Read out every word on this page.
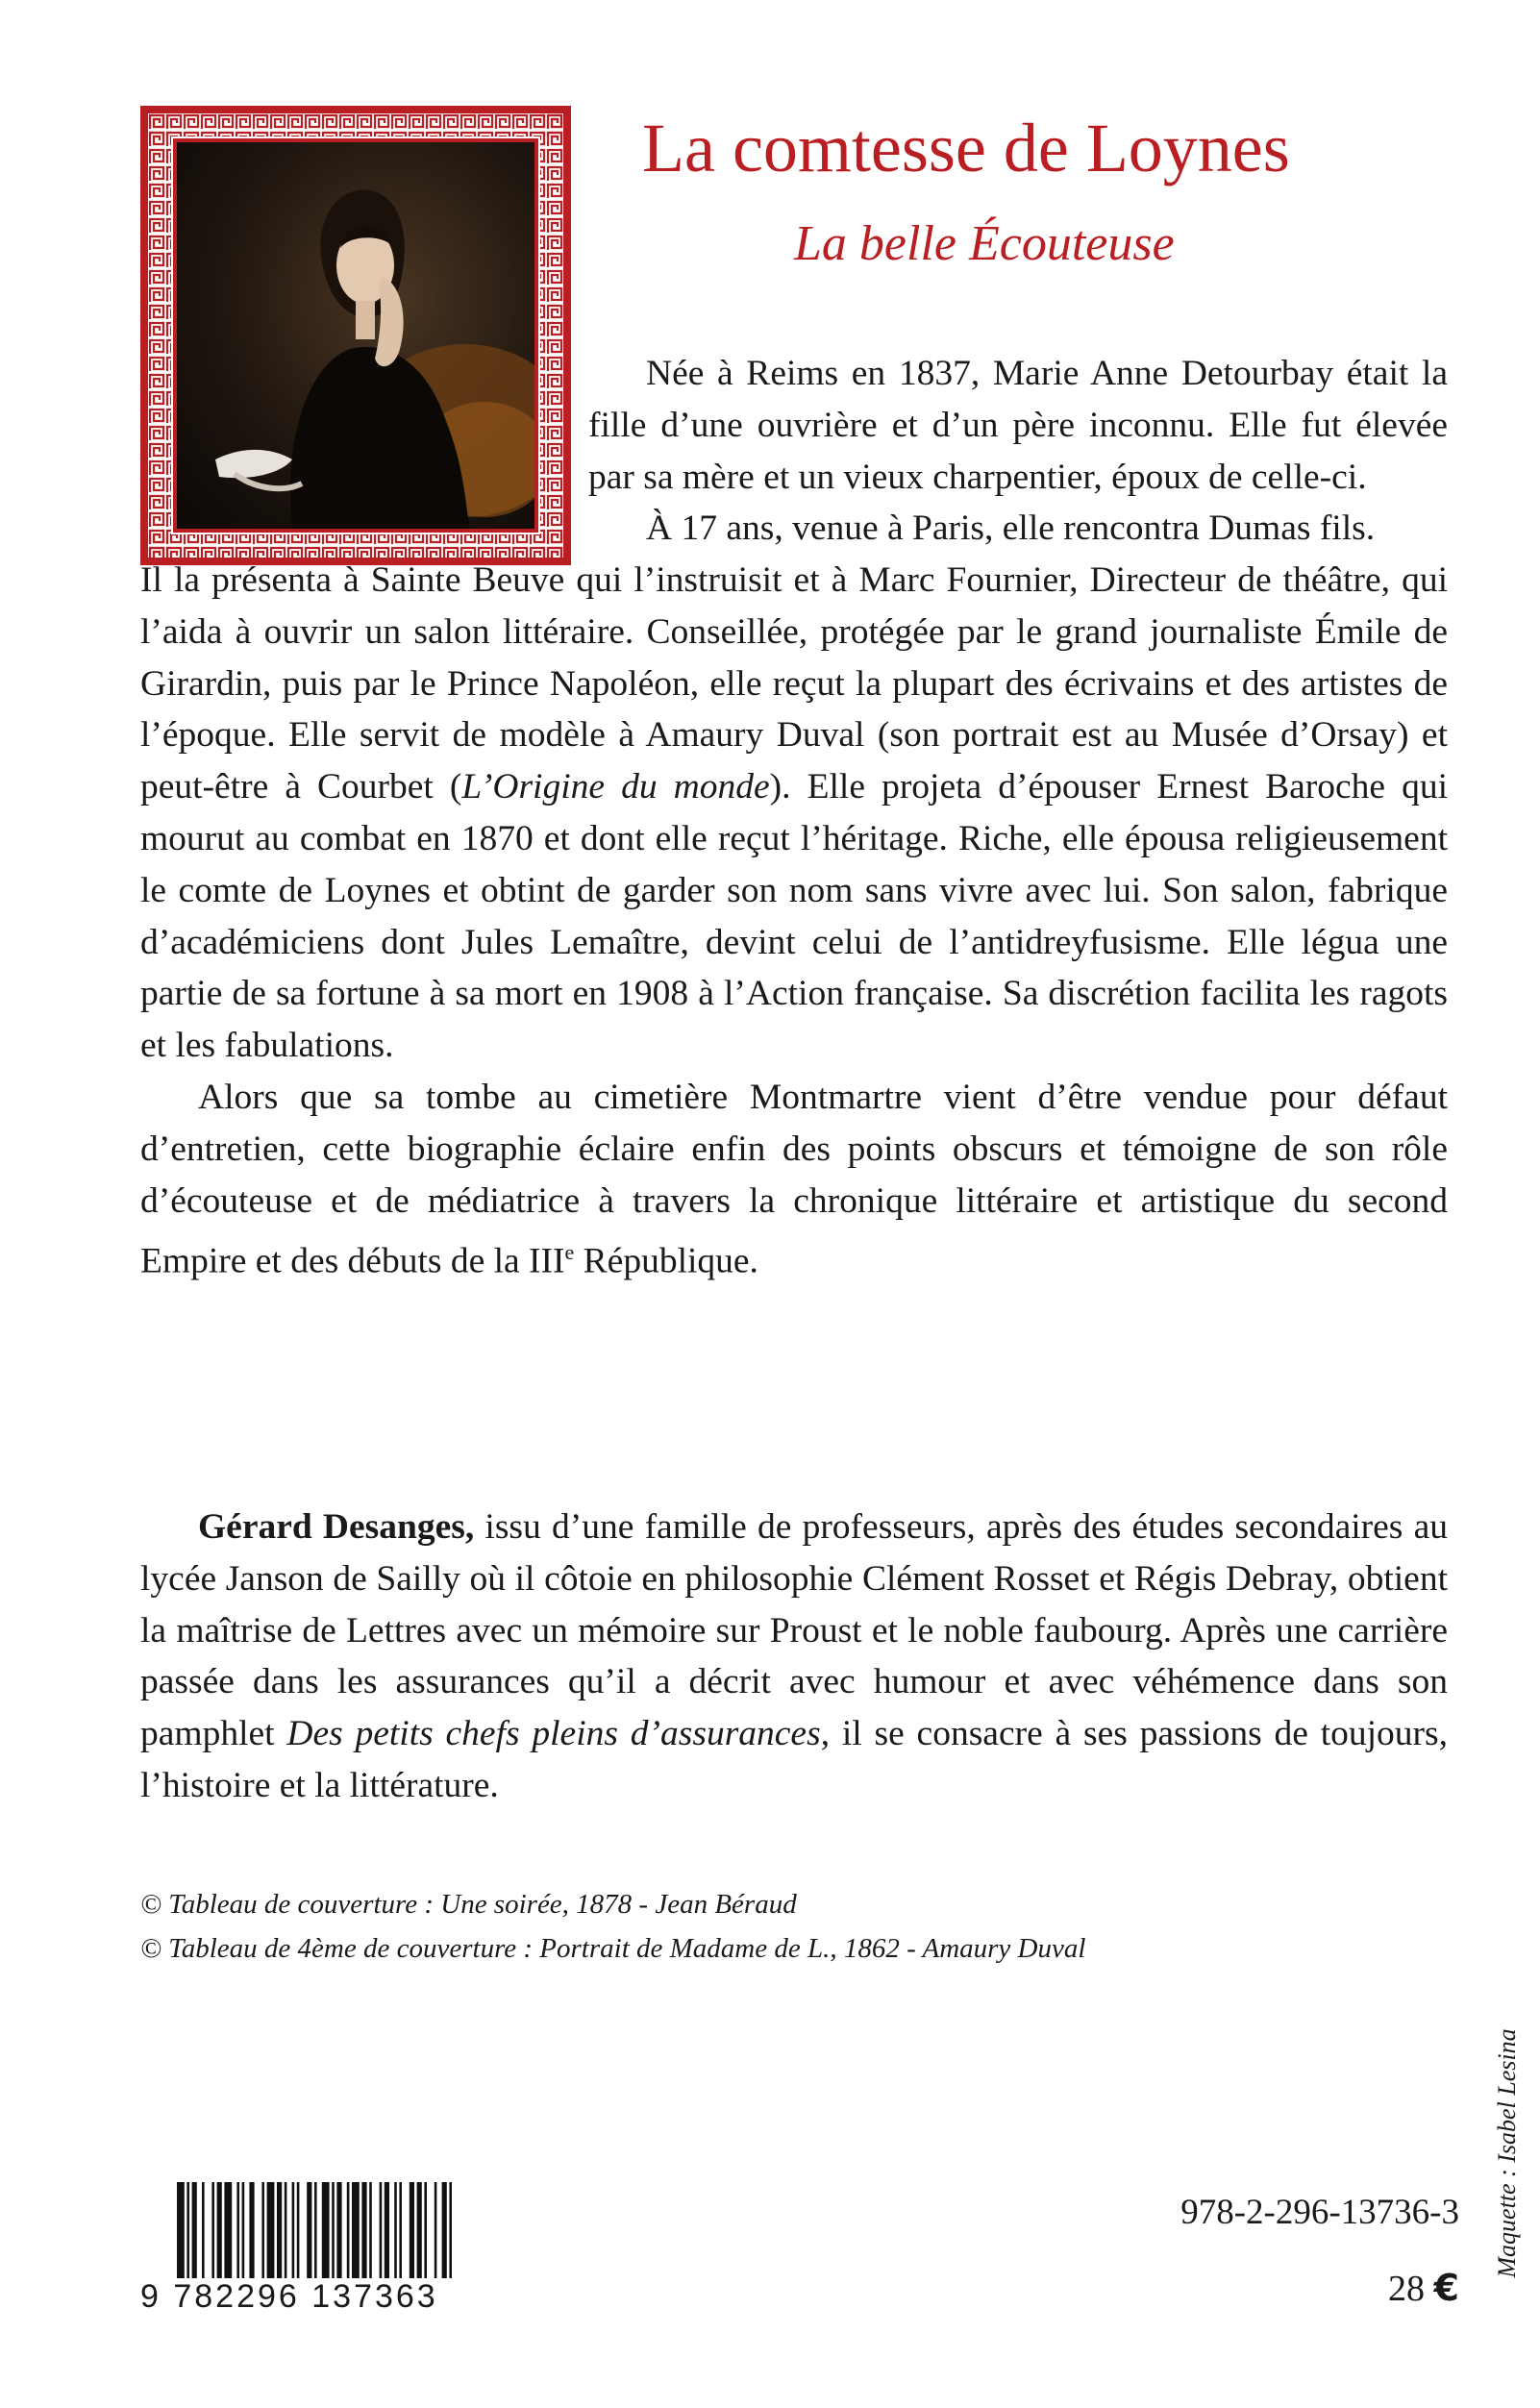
La comtesse de Loynes
La belle Écouteuse

Née à Reims en 1837, Marie Anne Detourbay était la fille d’une ouvrière et d’un père inconnu. Elle fut élevée par sa mère et un vieux charpentier, époux de celle-ci.

À 17 ans, venue à Paris, elle rencontra Dumas fils.

Il la présenta à Sainte Beuve qui l’instruisit et à Marc Fournier, Directeur de théâtre, qui l’aida à ouvrir un salon littéraire. Conseillée, protégée par le grand journaliste Émile de Girardin, puis par le Prince Napoléon, elle reçut la plupart des écrivains et des artistes de l’époque. Elle servit de modèle à Amaury Duval (son portrait est au Musée d’Orsay) et peut-être à Courbet (L’Origine du monde). Elle projeta d’épouser Ernest Baroche qui mourut au combat en 1870 et dont elle reçut l’héritage. Riche, elle épousa religieusement le comte de Loynes et obtint de garder son nom sans vivre avec lui. Son salon, fabrique d’académiciens dont Jules Lemaître, devint celui de l’antidreyfusisme. Elle légua une partie de sa fortune à sa mort en 1908 à l’Action française. Sa discrétion facilita les ragots et les fabulations.

Alors que sa tombe au cimetière Montmartre vient d’être vendue pour défaut d’entretien, cette biographie éclaire enfin des points obscurs et témoigne de son rôle d’écouteuse et de médiatrice à travers la chronique littéraire et artistique du second Empire et des débuts de la IIIe République.

Gérard Desanges, issu d’une famille de professeurs, après des études secondaires au lycée Janson de Sailly où il côtoie en philosophie Clément Rosset et Régis Debray, obtient la maîtrise de Lettres avec un mémoire sur Proust et le noble faubourg. Après une carrière passée dans les assurances qu’il a décrit avec humour et avec véhémence dans son pamphlet Des petits chefs pleins d’assurances, il se consacre à ses passions de toujours, l’histoire et la littérature.

© Tableau de couverture : Une soirée, 1878 - Jean Béraud
© Tableau de 4ème de couverture : Portrait de Madame de L., 1862 - Amaury Duval
Maquette : Isabel Lesina
9 782296 137363
978-2-296-13736-3
28 €
